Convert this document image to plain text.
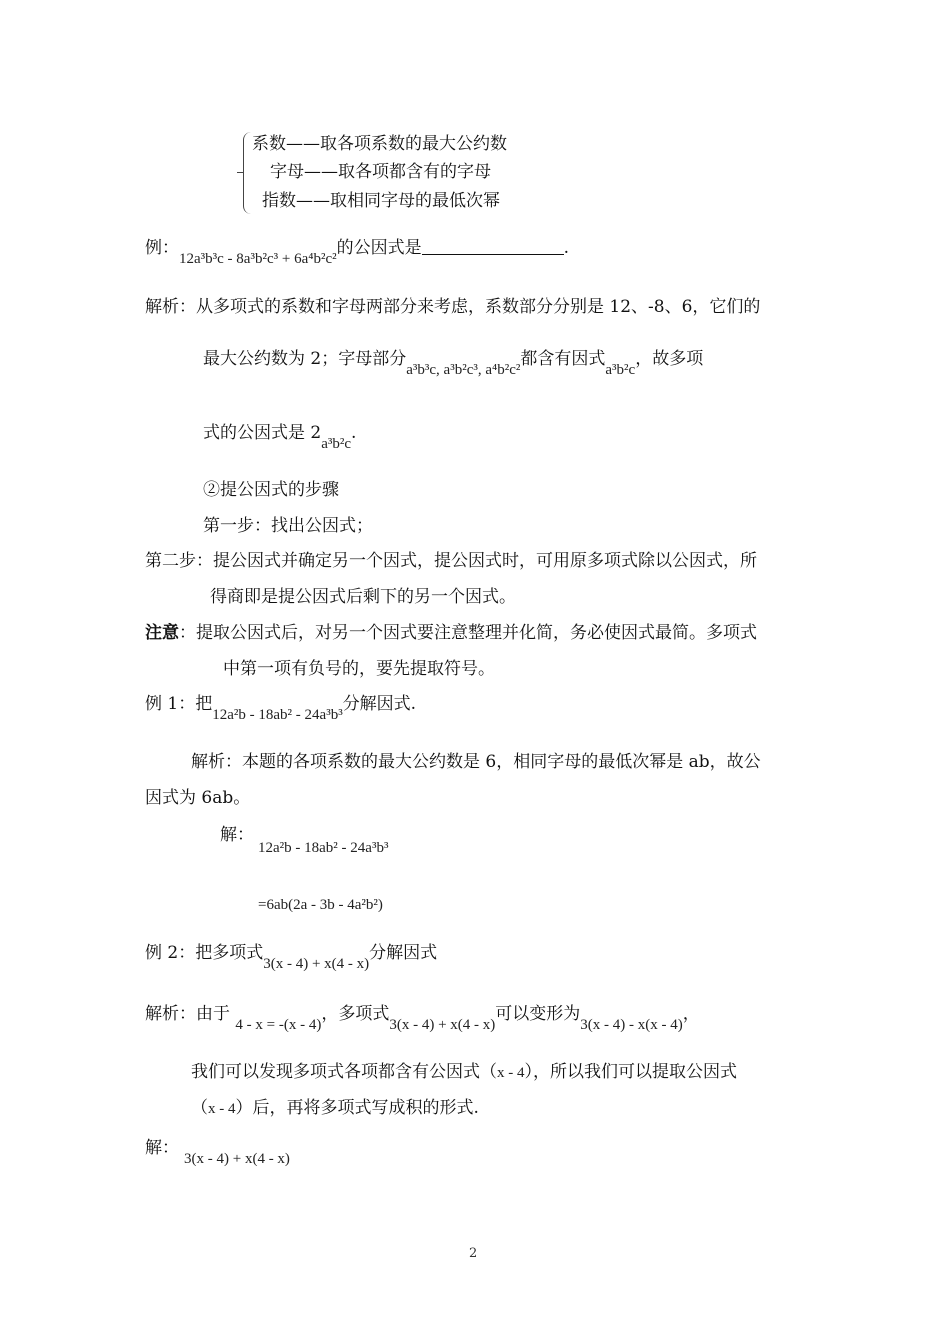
系数——取各项系数的最大公约数
字母——取各项都含有的字母
指数——取相同字母的最低次幂
例：12a³b³c - 8a³b²c³ + 6a⁴b²c²的公因式是	.
解析：从多项式的系数和字母两部分来考虑，系数部分分别是 12、-8、6，它们的
最大公约数为 2；字母部分a³b³c, a³b²c³, a⁴b²c²都含有因式a³b²c，故多项
式的公因式是 2a³b²c.
②提公因式的步骤
第一步：找出公因式；
第二步：提公因式并确定另一个因式，提公因式时，可用原多项式除以公因式，所
得商即是提公因式后剩下的另一个因式。
注意：提取公因式后，对另一个因式要注意整理并化简，务必使因式最简。多项式
中第一项有负号的，要先提取符号。
例 1：把12a²b - 18ab² - 24a³b³分解因式.
解析：本题的各项系数的最大公约数是 6，相同字母的最低次幂是 ab，故公
因式为 6ab。
解：
12a²b - 18ab² - 24a³b³
=6ab(2a - 3b - 4a²b²)
例 2：把多项式3(x - 4) + x(4 - x)分解因式
解析：由于 4 - x = -(x - 4)，多项式3(x - 4) + x(4 - x)可以变形为3(x - 4) - x(x - 4)，
我们可以发现多项式各项都含有公因式（x - 4），所以我们可以提取公因式
（x - 4）后，再将多项式写成积的形式.
解：
3(x - 4) + x(4 - x)
2
